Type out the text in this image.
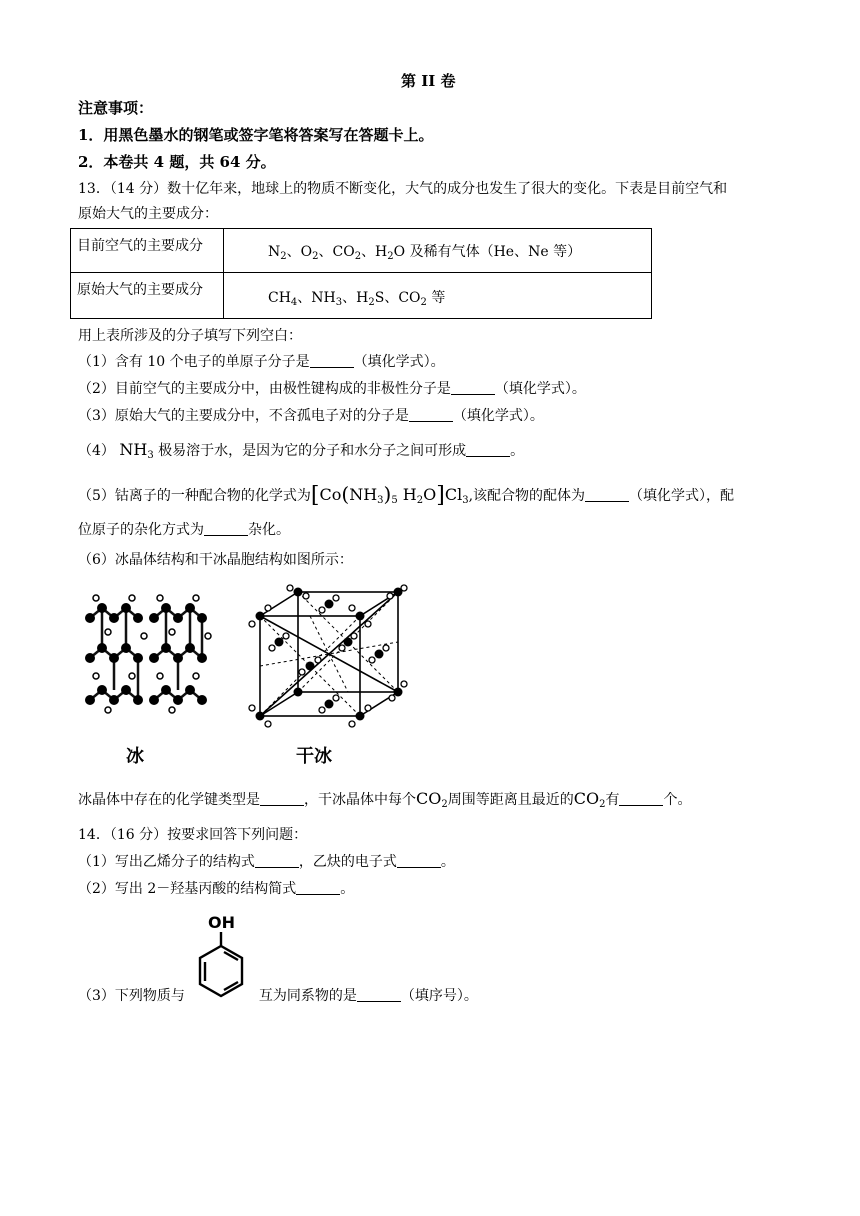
第 II 卷
注意事项：
1．用黑色墨水的钢笔或签字笔将答案写在答题卡上。
2．本卷共 4 题，共 64 分。
13．（14 分）数十亿年来，地球上的物质不断变化，大气的成分也发生了很大的变化。下表是目前空气和
原始大气的主要成分：
目前空气的主要成分	$N_2$、$O_2$、$CO_2$、$H_2O$ 及稀有气体（He、Ne 等）
原始大气的主要成分	$CH_4$、$NH_3$、$H_2S$、$CO_2$ 等
用上表所涉及的分子填写下列空白：
（1）含有 10 个电子的单原子分子是	（填化学式）。
（2）目前空气的主要成分中，由极性键构成的非极性分子是	（填化学式）。
（3）原始大气的主要成分中，不含孤电子对的分子是	（填化学式）。
（4） $NH_3$ 极易溶于水，是因为它的分子和水分子之间可形成	。
（5）钴离子的一种配合物的化学式为[$Co(NH_3)_5$ $H_2O]Cl_3$,该配合物的配体为	（填化学式），配
位原子的杂化方式为	杂化。
（6）冰晶体结构和干冰晶胞结构如图所示：
冰	干冰
冰晶体中存在的化学键类型是	，干冰晶体中每个$CO_2$周围等距离且最近的$CO_2$有	个。
14．（16 分）按要求回答下列问题：
（1）写出乙烯分子的结构式	，乙炔的电子式	。
（2）写出 2－羟基丙酸的结构简式	。
OH
（3）下列物质与	互为同系物的是	（填序号）。
